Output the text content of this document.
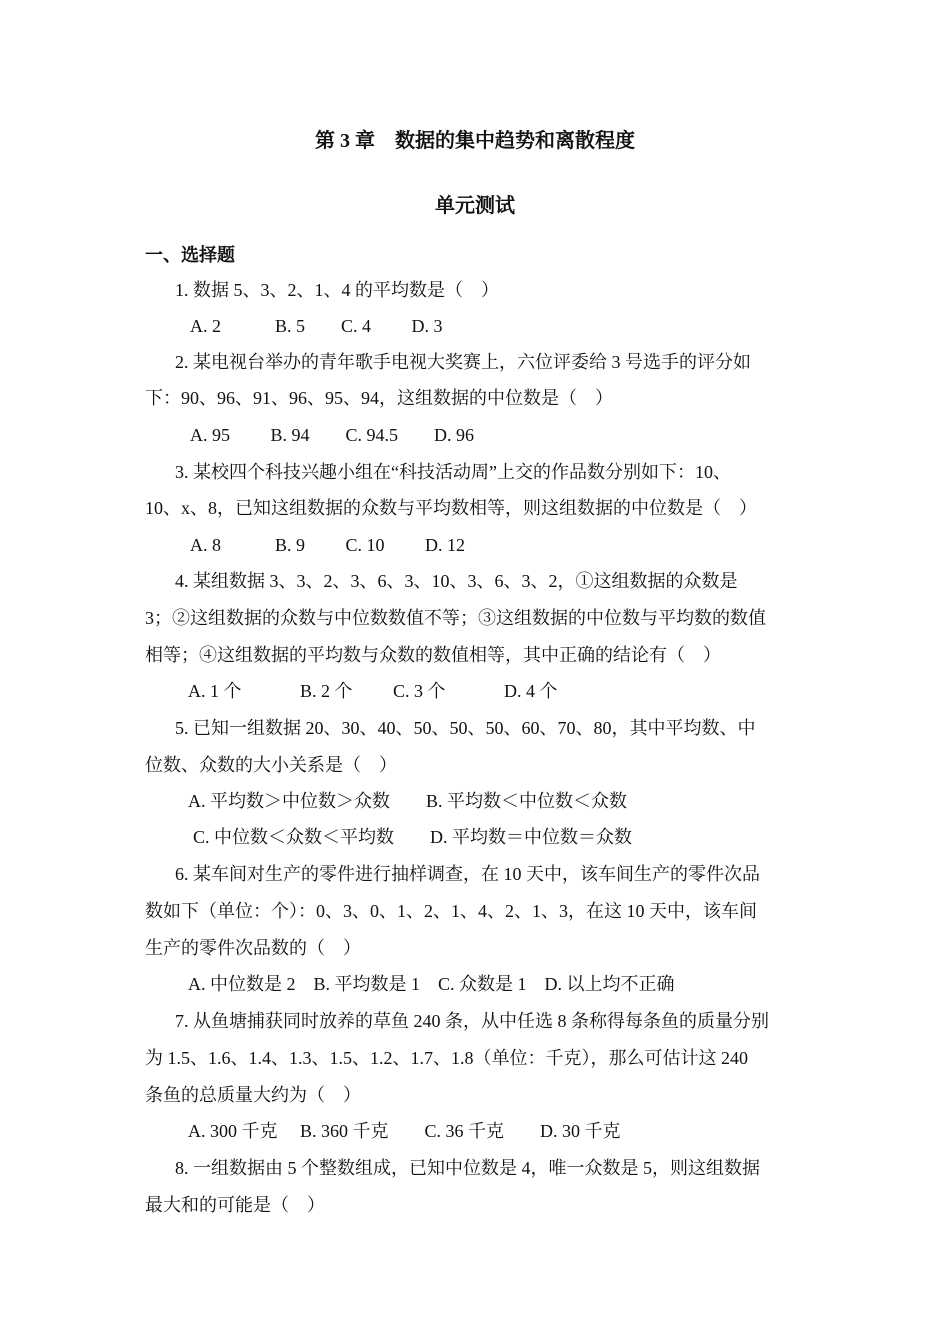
第 3 章　数据的集中趋势和离散程度
单元测试
一、选择题
1. 数据 5、3、2、1、4 的平均数是（　）
A. 2　　　B. 5　　C. 4　　 D. 3
2. 某电视台举办的青年歌手电视大奖赛上，六位评委给 3 号选手的评分如
下：90、96、91、96、95、94，这组数据的中位数是（　）
A. 95　　 B. 94　　C. 94.5　　D. 96
3. 某校四个科技兴趣小组在“科技活动周”上交的作品数分别如下：10、
10、x、8，已知这组数据的众数与平均数相等，则这组数据的中位数是（　）
A. 8　　　B. 9　　 C. 10　　 D. 12
4. 某组数据 3、3、2、3、6、3、10、3、6、3、2，①这组数据的众数是
3；②这组数据的众数与中位数数值不等；③这组数据的中位数与平均数的数值
相等；④这组数据的平均数与众数的数值相等，其中正确的结论有（　）
A. 1 个　　　 B. 2 个　　 C. 3 个　　　 D. 4 个
5. 已知一组数据 20、30、40、50、50、50、60、70、80，其中平均数、中
位数、众数的大小关系是（　）
A. 平均数＞中位数＞众数　　B. 平均数＜中位数＜众数
C. 中位数＜众数＜平均数　　D. 平均数＝中位数＝众数
6. 某车间对生产的零件进行抽样调查，在 10 天中，该车间生产的零件次品
数如下（单位：个）：0、3、0、1、2、1、4、2、1、3，在这 10 天中，该车间
生产的零件次品数的（　）
A. 中位数是 2　B. 平均数是 1　C. 众数是 1　D. 以上均不正确
7. 从鱼塘捕获同时放养的草鱼 240 条，从中任选 8 条称得每条鱼的质量分别
为 1.5、1.6、1.4、1.3、1.5、1.2、1.7、1.8（单位：千克），那么可估计这 240
条鱼的总质量大约为（　）
A. 300 千克　 B. 360 千克　　C. 36 千克　　D. 30 千克
8. 一组数据由 5 个整数组成，已知中位数是 4，唯一众数是 5，则这组数据
最大和的可能是（　）
